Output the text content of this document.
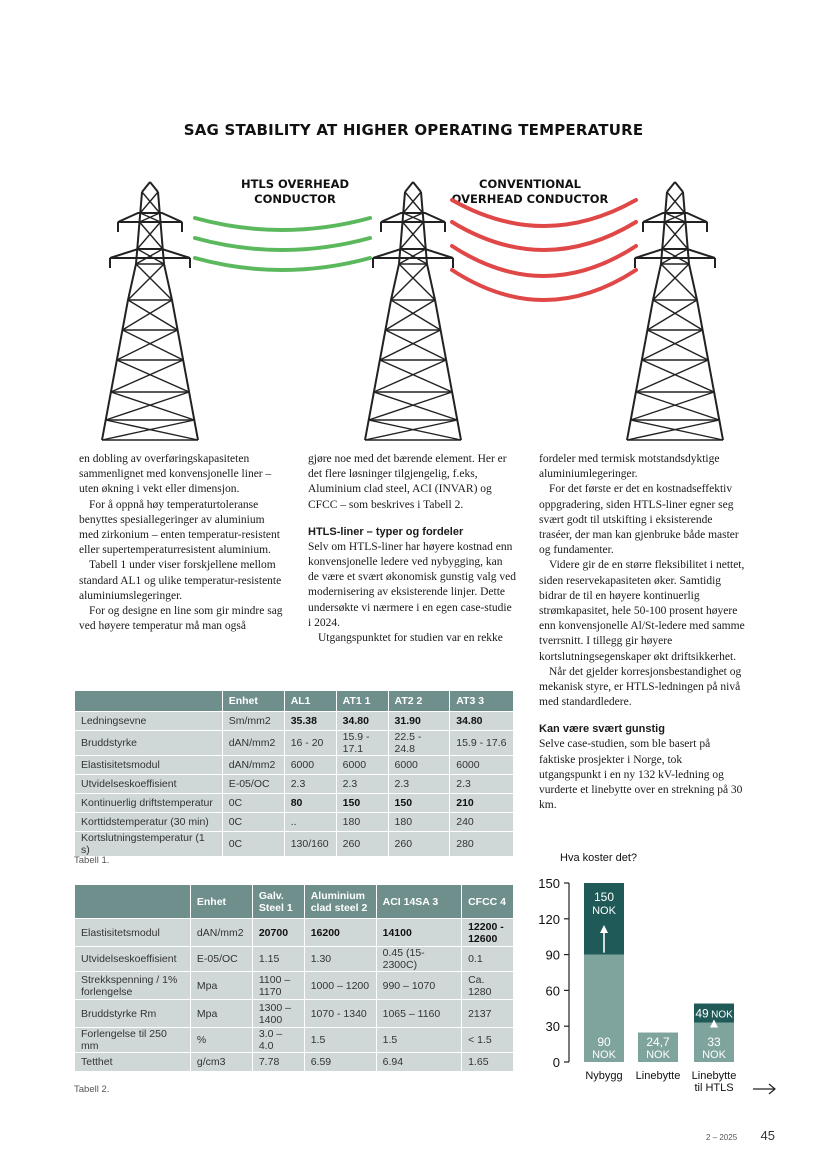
SAG STABILITY AT HIGHER OPERATING TEMPERATURE
HTLS OVERHEAD
CONDUCTOR
CONVENTIONAL
OVERHEAD CONDUCTOR

en dobling av overføringskapasiteten sammenlignet med konvensjonelle liner – uten økning i vekt eller dimensjon.

For å oppnå høy temperaturtoleranse benyttes spesiallegeringer av aluminium med zirkonium – enten temperatur-resistent eller supertemperaturresistent aluminium.

Tabell 1 under viser forskjellene mellom standard AL1 og ulike temperatur-resistente aluminiumslegeringer.

For og designe en line som gir mindre sag ved høyere temperatur må man også

gjøre noe med det bærende element. Her er det flere løsninger tilgjengelig, f.eks, Aluminium clad steel, ACI (INVAR) og CFCC – som beskrives i Tabell 2.

HTLS-liner – typer og fordeler

Selv om HTLS-liner har høyere kostnad enn konvensjonelle ledere ved nybygging, kan de være et svært økonomisk gunstig valg ved modernisering av eksisterende linjer. Dette undersøkte vi nærmere i en egen case-studie i 2024.

Utgangspunktet for studien var en rekke

fordeler med termisk motstandsdyktige aluminiumlegeringer.

For det første er det en kostnadseffektiv oppgradering, siden HTLS-liner egner seg svært godt til utskifting i eksisterende traséer, der man kan gjenbruke både master og fundamenter.

Videre gir de en større fleksibilitet i nettet, siden reservekapasiteten øker. Samtidig bidrar de til en høyere kontinuerlig strømkapasitet, hele 50-100 prosent høyere enn konvensjonelle Al/St-ledere med samme tverrsnitt. I tillegg gir høyere kortslutningsegenskaper økt driftsikkerhet.

Når det gjelder korresjonsbestandighet og mekanisk styre, er HTLS-ledningen på nivå med standardledere.

Kan være svært gunstig

Selve case-studien, som ble basert på faktiske prosjekter i Norge, tok utgangspunkt i en ny 132 kV-ledning og vurderte et linebytte over en strekning på 30 km.

	Enhet	AL1	AT1 1	AT2 2	AT3 3
Ledningsevne	Sm/mm2	35.38	34.80	31.90	34.80
Bruddstyrke	dAN/mm2	16 - 20	15.9 - 17.1	22.5 - 24.8	15.9 - 17.6
Elastisitetsmodul	dAN/mm2	6000	6000	6000	6000
Utvidelseskoeffisient	E-05/OC	2.3	2.3	2.3	2.3
Kontinuerlig driftstemperatur	0C	80	150	150	210
Korttidstemperatur (30 min)	0C	..	180	180	240
Kortslutningstemperatur (1 s)	0C	130/160	260	260	280
Tabell 1.
	Enhet	Galv. Steel 1	Aluminium clad steel 2	ACI 14SA 3	CFCC 4
Elastisitetsmodul	dAN/mm2	20700	16200	14100	12200 - 12600
Utvidelseskoeffisient	E-05/OC	1.15	1.30	0.45 (15-2300C)	0.1
Strekkspenning / 1% forlengelse	Mpa	1100 – 1170	1000 – 1200	990 – 1070	Ca. 1280
Bruddstyrke Rm	Mpa	1300 – 1400	1070 - 1340	1065 – 1160	2137
Forlengelse til 250 mm	%	3.0 – 4.0	1.5	1.5	< 1.5
Tetthet	g/cm3	7.78	6.59	6.94	1.65
Tabell 2.
Hva koster det?
0
30
60
90
120
150
150
NOK
90
NOK
Nybygg
24,7
NOK
Linebytte
49 NOK
33
NOK
Linebytte
til HTLS
2 – 2025 45
